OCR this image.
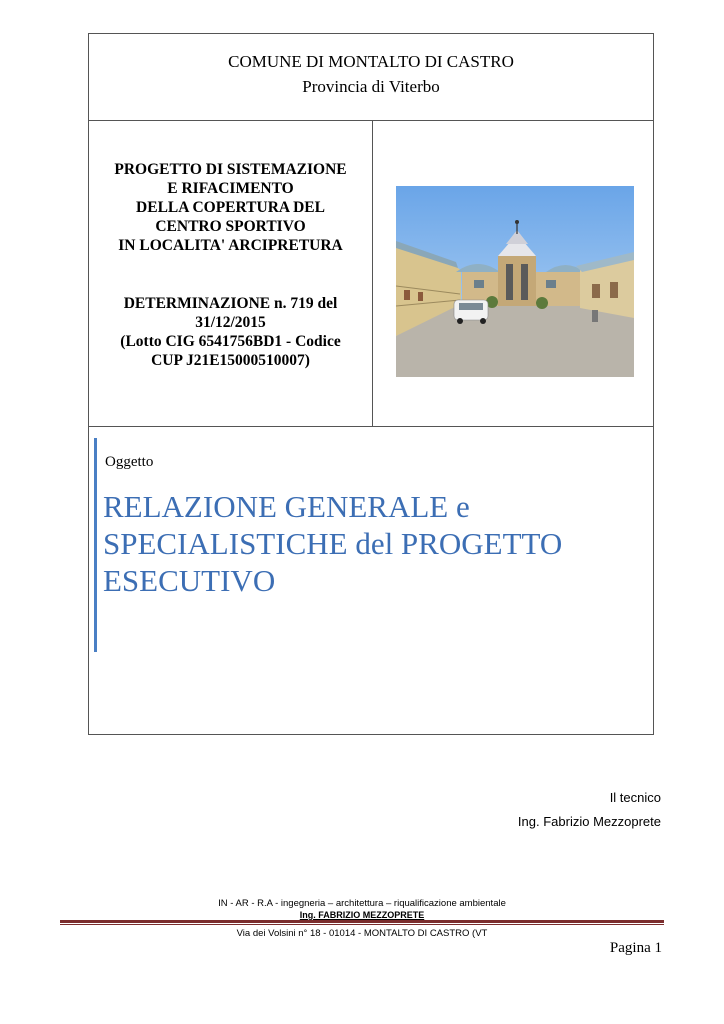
COMUNE DI MONTALTO DI CASTRO
Provincia di Viterbo
PROGETTO DI SISTEMAZIONE
E RIFACIMENTO
DELLA COPERTURA DEL
CENTRO SPORTIVO
IN LOCALITA' ARCIPRETURA
DETERMINAZIONE n. 719 del
31/12/2015
(Lotto CIG 6541756BD1 - Codice
CUP J21E15000510007)
Oggetto
RELAZIONE GENERALE e
SPECIALISTICHE del PROGETTO
ESECUTIVO
Il tecnico
Ing. Fabrizio Mezzoprete
IN - AR - R.A - ingegneria – architettura – riqualificazione ambientale
Ing. FABRIZIO MEZZOPRETE
Via dei Volsini n° 18 - 01014 - MONTALTO DI CASTRO (VT
Pagina 1
